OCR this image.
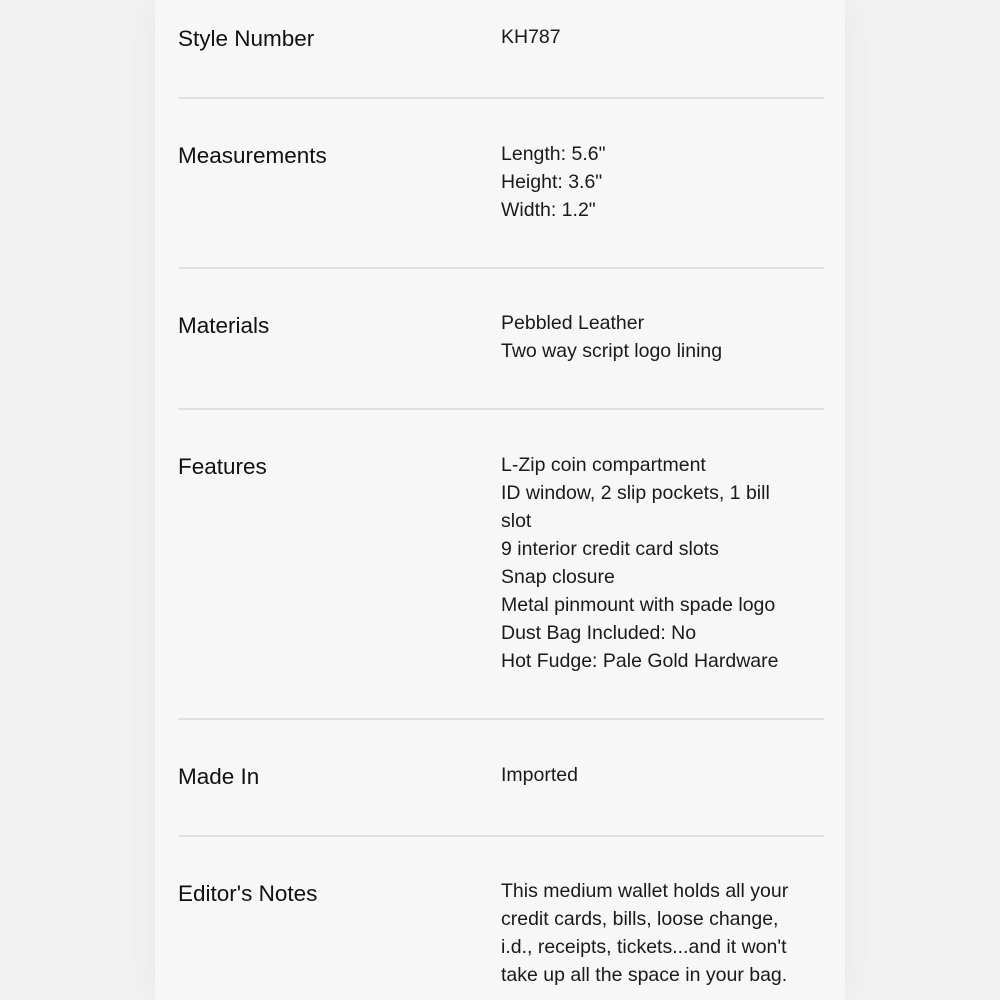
Style Number	KH787
Measurements	Length: 5.6"
Height: 3.6"
Width: 1.2"
Materials	Pebbled Leather
Two way script logo lining
Features	L-Zip coin compartment
ID window, 2 slip pockets, 1 bill
slot
9 interior credit card slots
Snap closure
Metal pinmount with spade logo
Dust Bag Included: No
Hot Fudge: Pale Gold Hardware
Made In	Imported
Editor's Notes	This medium wallet holds all your
credit cards, bills, loose change,
i.d., receipts, tickets...and it won't
take up all the space in your bag.
